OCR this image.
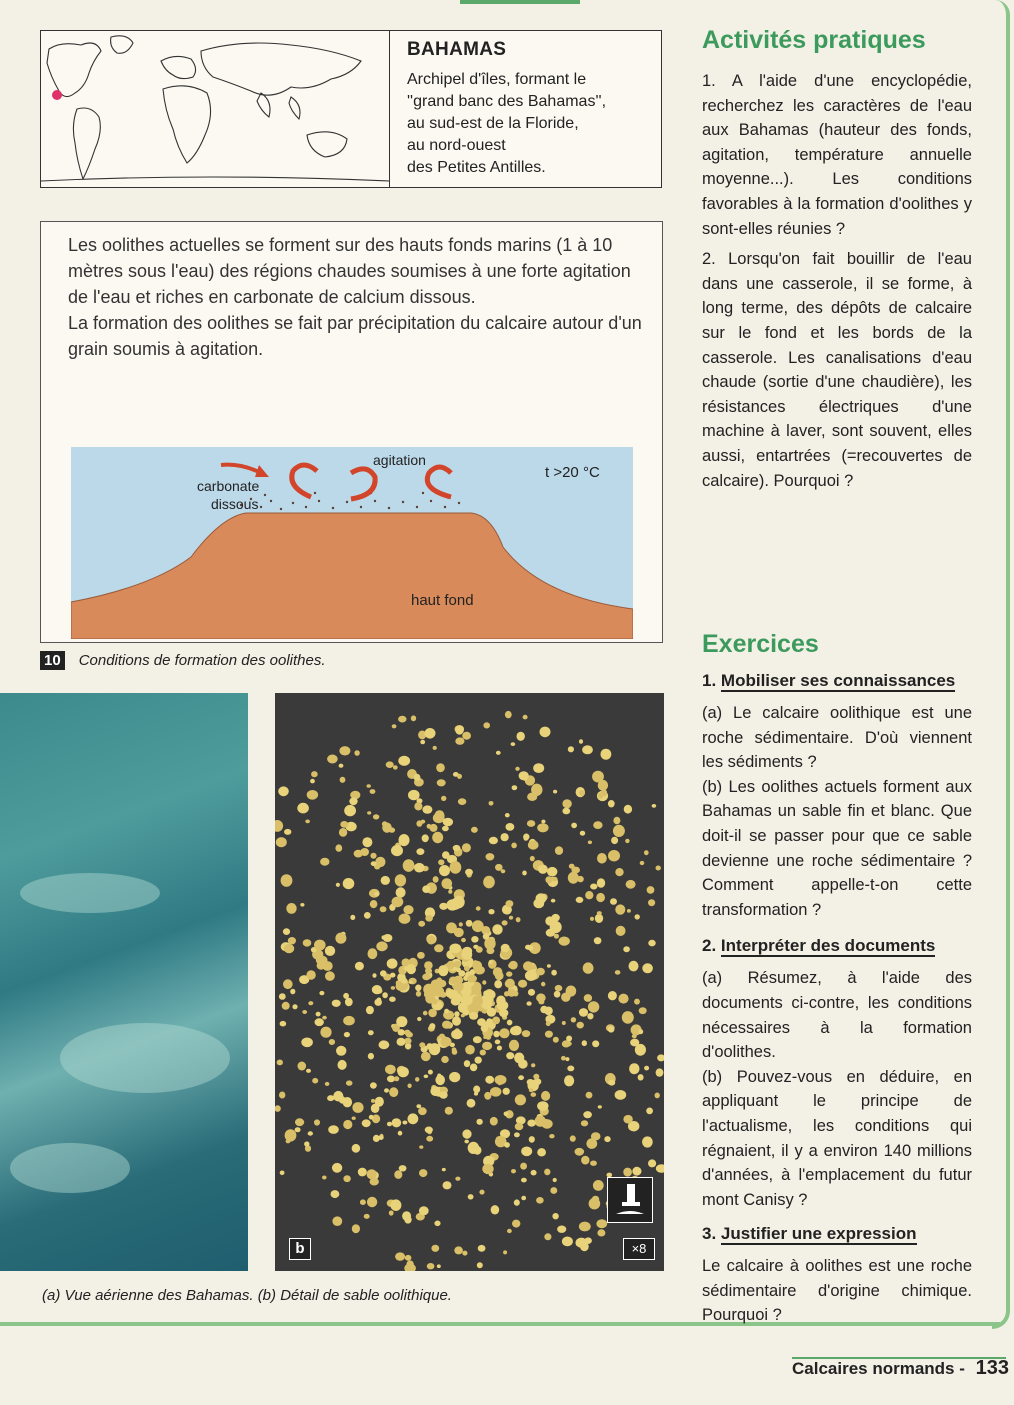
BAHAMAS

Archipel d'îles, formant le

''grand banc des Bahamas'',

au sud-est de la Floride,

au nord-ouest

des Petites Antilles.

Les oolithes actuelles se forment sur des hauts fonds marins (1 à 10 mètres sous l'eau) des régions chaudes soumises à une forte agitation de l'eau et riches en carbonate de calcium dissous.

La formation des oolithes se fait par précipitation du calcaire autour d'un grain soumis à agitation.

carbonate
dissous
agitation
t >20 °C
haut fond
10 Conditions de formation des oolithes.
b	×8
(a) Vue aérienne des Bahamas. (b) Détail de sable oolithique.
Activités pratiques

1. A l'aide d'une encyclopédie, recherchez les caractères de l'eau aux Bahamas (hauteur des fonds, agitation, température annuelle moyenne...). Les conditions favorables à la formation d'oolithes y sont-elles réunies ?

2. Lorsqu'on fait bouillir de l'eau dans une casserole, il se forme, à long terme, des dépôts de calcaire sur le fond et les bords de la casserole. Les canalisations d'eau chaude (sortie d'une chaudière), les résistances électriques d'une machine à laver, sont souvent, elles aussi, entartrées (=recouvertes de calcaire). Pourquoi ?

Exercices

1. Mobiliser ses connaissances

(a) Le calcaire oolithique est une roche sédimentaire. D'où viennent les sédiments ?

(b) Les oolithes actuels forment aux Bahamas un sable fin et blanc. Que doit-il se passer pour que ce sable devienne une roche sédimentaire ? Comment appelle-t-on cette transformation ?

2. Interpréter des documents

(a) Résumez, à l'aide des documents ci-contre, les conditions nécessaires à la formation d'oolithes.

(b) Pouvez-vous en déduire, en appliquant le principe de l'actualisme, les conditions qui régnaient, il y a environ 140 millions d'années, à l'emplacement du futur mont Canisy ?

3. Justifier une expression

Le calcaire à oolithes est une roche sédimentaire d'origine chimique. Pourquoi ?

Calcaires normands - 133
